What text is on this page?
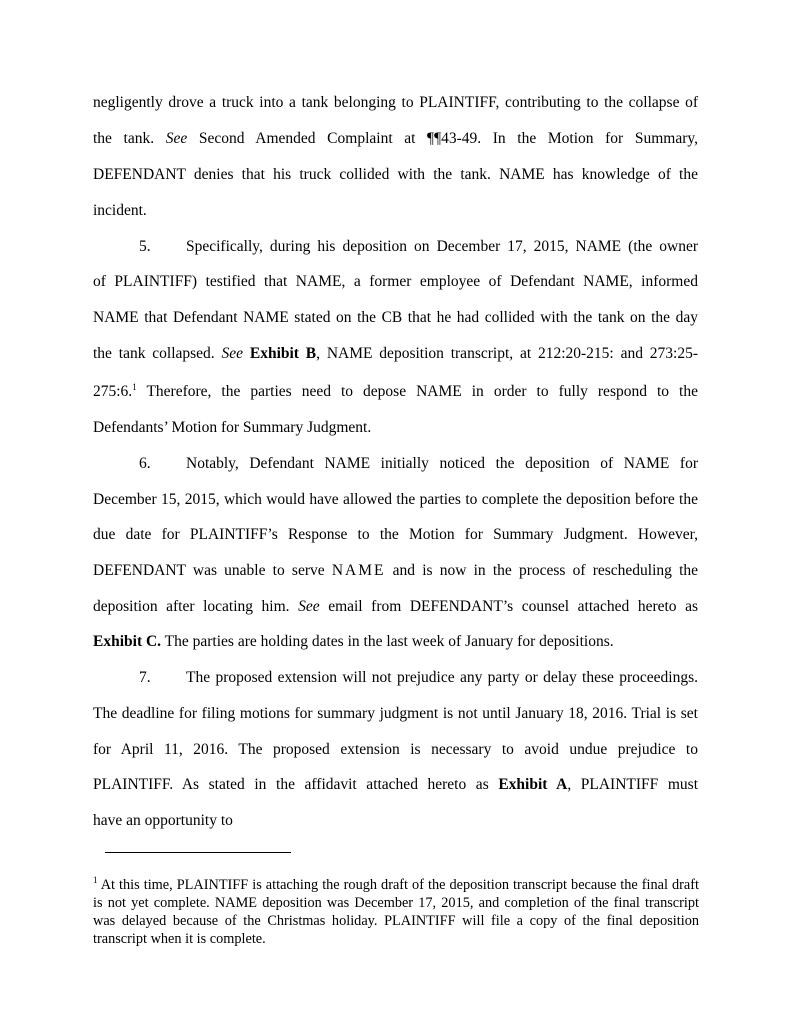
negligently drove a truck into a tank belonging to PLAINTIFF, contributing to the collapse of
the tank. See Second Amended Complaint at ¶¶43-49. In the Motion for Summary,
DEFENDANT denies that his truck collided with the tank. NAME has knowledge of the
incident.
5.	Specifically, during his deposition on December 17, 2015, NAME (the owner
of PLAINTIFF) testified that NAME, a former employee of Defendant NAME, informed
NAME that Defendant NAME stated on the CB that he had collided with the tank on the day
the tank collapsed. See Exhibit B, NAME deposition transcript, at 212:20-215: and 273:25-
275:6.$^1$ Therefore, the parties need to depose NAME in order to fully respond to the
Defendants’ Motion for Summary Judgment.
6.	Notably, Defendant NAME initially noticed the deposition of NAME for
December 15, 2015, which would have allowed the parties to complete the deposition before the
due date for PLAINTIFF’s Response to the Motion for Summary Judgment. However,
DEFENDANT was unable to serve NAME and is now in the process of rescheduling the
deposition after locating him. See email from DEFENDANT’s counsel attached hereto as
Exhibit C. The parties are holding dates in the last week of January for depositions.
7.	The proposed extension will not prejudice any party or delay these proceedings.
The deadline for filing motions for summary judgment is not until January 18, 2016. Trial is set
for April 11, 2016. The proposed extension is necessary to avoid undue prejudice to
PLAINTIFF. As stated in the affidavit attached hereto as Exhibit A, PLAINTIFF must
have an opportunity to
$^1$ At this time, PLAINTIFF is attaching the rough draft of the deposition transcript because the final draft is not yet complete. NAME deposition was December 17, 2015, and completion of the final transcript was delayed because of the Christmas holiday. PLAINTIFF will file a copy of the final deposition transcript when it is complete.
